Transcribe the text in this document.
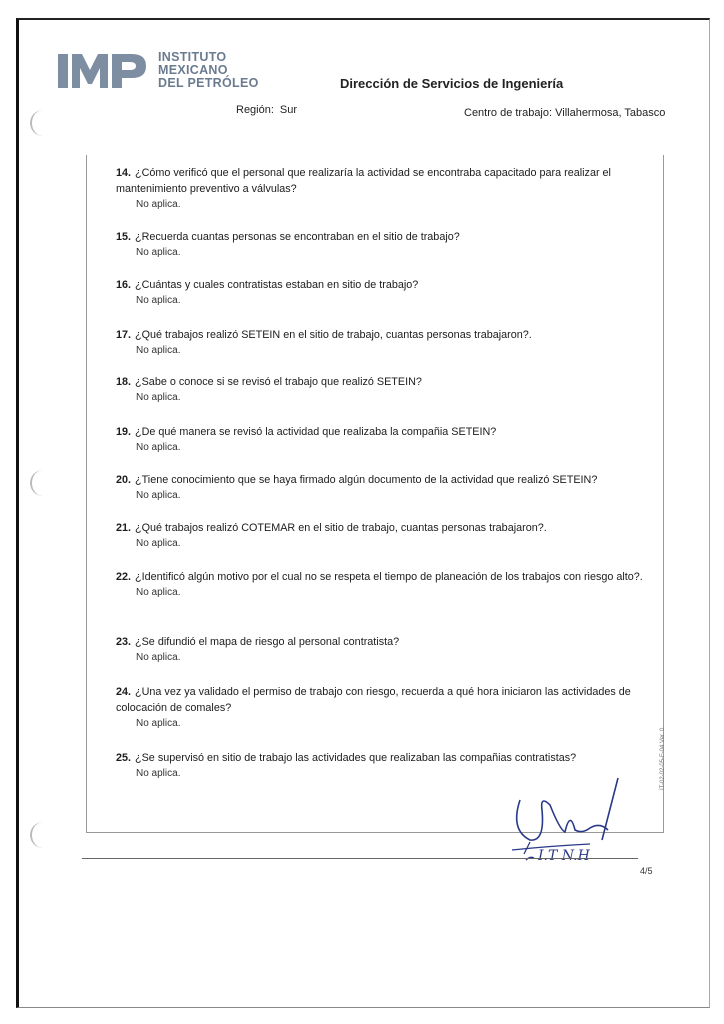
INSTITUTO
MEXICANO
DEL PETRÓLEO	Dirección de Servicios de Ingeniería
Región: Sur	Centro de trabajo: Villahermosa, Tabasco
14. ¿Cómo verificó que el personal que realizaría la actividad se encontraba capacitado para realizar el mantenimiento preventivo a válvulas?
No aplica.
15. ¿Recuerda cuantas personas se encontraban en el sitio de trabajo?
No aplica.
16. ¿Cuántas y cuales contratistas estaban en sitio de trabajo?
No aplica.
17. ¿Qué trabajos realizó SETEIN en el sitio de trabajo, cuantas personas trabajaron?.
No aplica.
18. ¿Sabe o conoce si se revisó el trabajo que realizó SETEIN?
No aplica.
19. ¿De qué manera se revisó la actividad que realizaba la compañia SETEIN?
No aplica.
20. ¿Tiene conocimiento que se haya firmado algún documento de la actividad que realizó SETEIN?
No aplica.
21. ¿Qué trabajos realizó COTEMAR en el sitio de trabajo, cuantas personas trabajaron?.
No aplica.
22. ¿Identificó algún motivo por el cual no se respeta el tiempo de planeación de los trabajos con riesgo alto?.
No aplica.
23. ¿Se difundió el mapa de riesgo al personal contratista?
No aplica.
24. ¿Una vez ya validado el permiso de trabajo con riesgo, recuerda a qué hora iniciaron las actividades de colocación de comales?
No aplica.
25. ¿Se supervisó en sitio de trabajo las actividades que realizaban las compañias contratistas?
No aplica.
I.T N.H
4/5
IT-02-02-05-F-04 Ver. 0
